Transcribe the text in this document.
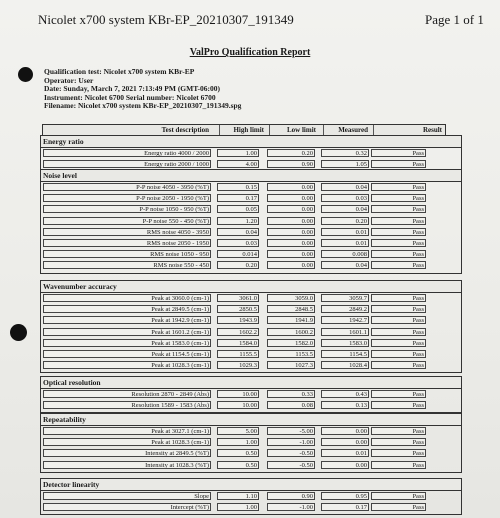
Nicolet x700 system KBr-EP_20210307_191349	Page 1 of 1
ValPro Qualification Report
Qualification test: Nicolet x700 system KBr-EP
Operator: User
Date: Sunday, March 7, 2021 7:13:49 PM (GMT-06:00)
Instrument: Nicolet 6700 Serial number: Nicolet 6700
Filename: Nicolet x700 system KBr-EP_20210307_191349.spg
Test description	High limit	Low limit	Measured	Result
Energy ratio
Energy ratio 4000 / 2000	1.00	0.20	0.32	Pass
Energy ratio 2000 / 1000	4.00	0.90	1.05	Pass
Noise level
P-P noise 4050 - 3950 (%T)	0.15	0.00	0.04	Pass
P-P noise 2050 - 1950 (%T)	0.17	0.00	0.03	Pass
P-P noise 1050 - 950 (%T)	0.05	0.00	0.04	Pass
P-P noise 550 - 450 (%T)	1.20	0.00	0.20	Pass
RMS noise 4050 - 3950	0.04	0.00	0.01	Pass
RMS noise 2050 - 1950	0.03	0.00	0.01	Pass
RMS noise 1050 - 950	0.014	0.00	0.008	Pass
RMS noise 550 - 450	0.20	0.00	0.04	Pass
Wavenumber accuracy
Peak at 3060.0 (cm-1)	3061.0	3059.0	3059.7	Pass
Peak at 2849.5 (cm-1)	2850.5	2848.5	2849.2	Pass
Peak at 1942.9 (cm-1)	1943.9	1941.9	1942.7	Pass
Peak at 1601.2 (cm-1)	1602.2	1600.2	1601.1	Pass
Peak at 1583.0 (cm-1)	1584.0	1582.0	1583.0	Pass
Peak at 1154.5 (cm-1)	1155.5	1153.5	1154.5	Pass
Peak at 1028.3 (cm-1)	1029.3	1027.3	1028.4	Pass
Optical resolution
Resolution 2870 - 2849 (Abs)	10.00	0.33	0.43	Pass
Resolution 1589 - 1583 (Abs)	10.00	0.08	0.13	Pass
Repeatability
Peak at 3027.1 (cm-1)	5.00	-5.00	0.00	Pass
Peak at 1028.3 (cm-1)	1.00	-1.00	0.00	Pass
Intensity at 2849.5 (%T)	0.50	-0.50	0.01	Pass
Intensity at 1028.3 (%T)	0.50	-0.50	0.00	Pass
Detector linearity
Slope	1.10	0.90	0.95	Pass
Intercept (%T)	1.00	-1.00	0.17	Pass
